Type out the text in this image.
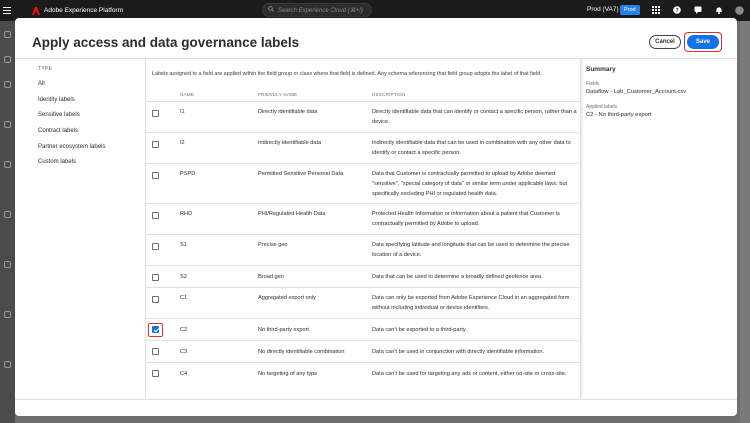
Adobe Experience Platform	Search Experience Cloud (⌘+/)	Prod (VA7) Prod	?
Apply access and data governance labels	Cancel	Save
TYPE
All
Identity labels
Sensitive labels
Contract labels
Partner ecosystem labels
Custom labels
Labels assigned to a field are applied within the field group or class where that field is defined. Any schema referencing that field group adopts the label of that field.
NAME	FRIENDLY NAME	DESCRIPTION
I1	Directly identifiable data	Directly identifiable data that can identify or contact a specific person, rather than a device.
I2	Indirectly identifiable data	Indirectly identifiable data that can be used in combination with any other data to identify or contact a specific person.
PSPD	Permitted Sensitive Personal Data	Data that Customer is contractually permitted to upload by Adobe deemed "sensitive", "special category of data" or similar term under applicable laws; but specifically excluding PHI or regulated health data.
RHD	PHI/Regulated Health Data	Protected Health Information or information about a patient that Customer is contractually permitted by Adobe to upload.
S1	Precise geo	Data specifying latitude and longitude that can be used to determine the precise location of a device.
S2	Broad geo	Data that can be used to determine a broadly defined geofence area.
C1	Aggregated export only	Data can only be exported from Adobe Experience Cloud in an aggregated form without including individual or device identifiers.
C2	No third-party export	Data can't be exported to a third-party.
C3	No directly identifiable combination	Data can't be used in conjunction with directly identifiable information.
C4	No targeting of any type	Data can't be used for targeting any ads or content, either on-site or cross-site.
Summary
Fields
Dataflow - Lab_Customer_Account.csv
Applied labels
C2 - No third-party export
